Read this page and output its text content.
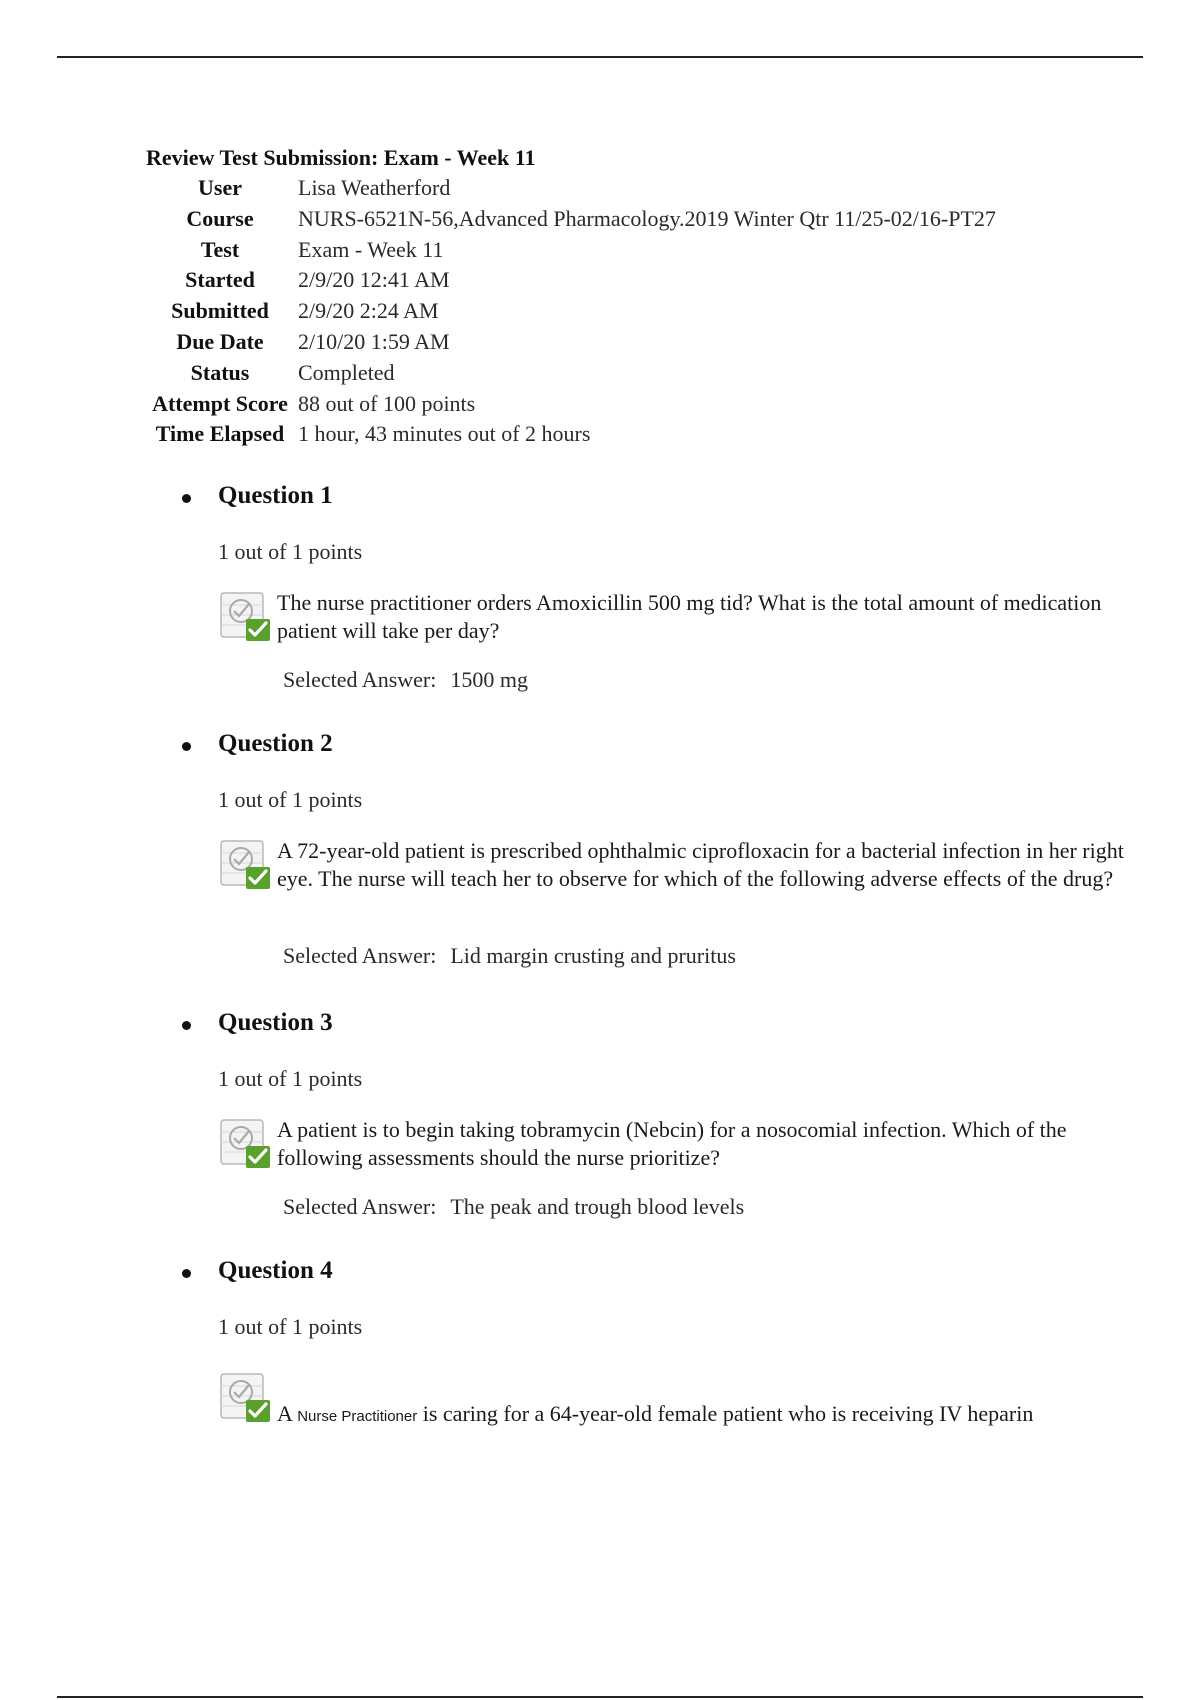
Review Test Submission: Exam - Week 11
User	Lisa Weatherford
Course	NURS-6521N-56,Advanced Pharmacology.2019 Winter Qtr 11/25-02/16-PT27
Test	Exam - Week 11
Started	2/9/20 12:41 AM
Submitted	2/9/20 2:24 AM
Due Date	2/10/20 1:59 AM
Status	Completed
Attempt Score	88 out of 100 points
Time Elapsed	1 hour, 43 minutes out of 2 hours
Question 1
1 out of 1 points
The nurse practitioner orders Amoxicillin 500 mg tid? What is the total amount of medication patient will take per day?
Selected Answer: 1500 mg
Question 2
1 out of 1 points
A 72-year-old patient is prescribed ophthalmic ciprofloxacin for a bacterial infection in her right eye. The nurse will teach her to observe for which of the following adverse effects of the drug?
Selected Answer: Lid margin crusting and pruritus
Question 3
1 out of 1 points
A patient is to begin taking tobramycin (Nebcin) for a nosocomial infection. Which of the following assessments should the nurse prioritize?
Selected Answer: The peak and trough blood levels
Question 4
1 out of 1 points
A Nurse Practitioner is caring for a 64-year-old female patient who is receiving IV heparin
